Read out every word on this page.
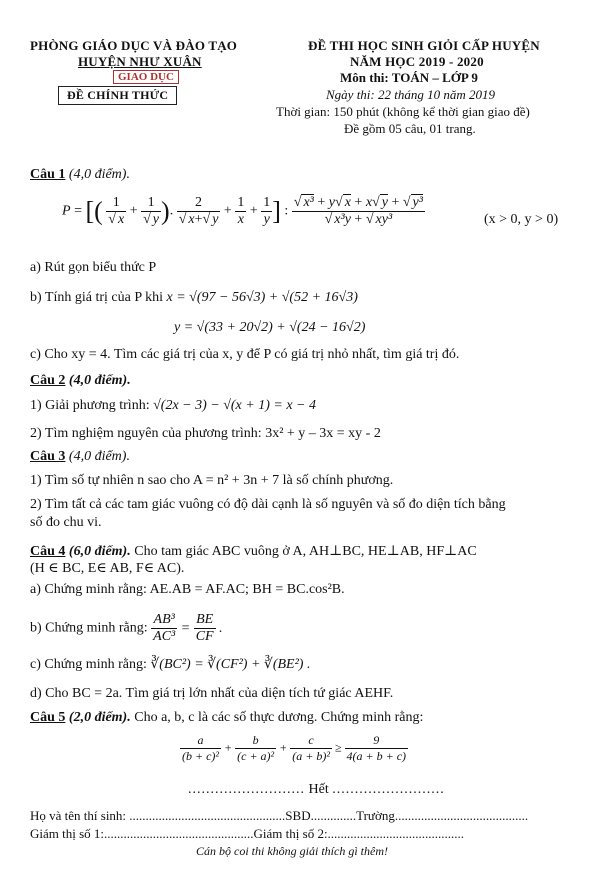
PHÒNG GIÁO DỤC VÀ ĐÀO TẠO
HUYỆN NHƯ XUÂN
GIAO DỤC
ĐỀ CHÍNH THỨC
ĐỀ THI HỌC SINH GIỎI CẤP HUYỆN
NĂM HỌC 2019 - 2020
Môn thi: TOÁN – LỚP 9
Ngày thi: 22 tháng 10 năm 2019
Thời gian: 150 phút (không kể thời gian giao đề)
Đề gồm 05 câu, 01 trang.
Câu 1 (4,0 điểm).
P = [( $\frac{1}{√ x} + \frac{1}{√ y}$ ). $\frac{2}{√ x+√ y} + \frac{1}{x} + \frac{1}{y}$ ] : $\frac{\text{√ x³ + y√ x + x√ y + √ y³}}{\text{√ x³y + √ xy³}}$	(x > 0, y > 0)
a) Rút gọn biểu thức P
b) Tính giá trị của P khi x = √(97 − 56√3) + √(52 + 16√3)
y = √(33 + 20√2) + √(24 − 16√2)
c) Cho xy = 4. Tìm các giá trị của x, y để P có giá trị nhỏ nhất, tìm giá trị đó.
Câu 2 (4,0 điểm).
1) Giải phương trình: √(2x − 3) − √(x + 1) = x − 4
2) Tìm nghiệm nguyên của phương trình: 3x² + y – 3x = xy - 2
Câu 3 (4,0 điểm).
1) Tìm số tự nhiên n sao cho A = n² + 3n + 7 là số chính phương.
2) Tìm tất cả các tam giác vuông có độ dài cạnh là số nguyên và số đo diện tích bằng
số đo chu vi.
Câu 4 (6,0 điểm). Cho tam giác ABC vuông ở A, AH⊥BC, HE⊥AB, HF⊥AC
(H ∈ BC, E∈ AB, F∈ AC).
a) Chứng minh rằng: AE.AB = AF.AC; BH = BC.cos²B.
b) Chứng minh rằng: $\frac{\text{AB³}}{\text{AC³}} = \frac{BE}{CF}$ .
c) Chứng minh rằng: ∛(BC²) = ∛(CF²) + ∛(BE²) .
d) Cho BC = 2a. Tìm giá trị lớn nhất của diện tích tứ giác AEHF.
Câu 5 (2,0 điểm). Cho a, b, c là các số thực dương. Chứng minh rằng:
$\frac{a}{\text{(b + c)²}} + \frac{b}{\text{(c + a)²}} + \frac{c}{\text{(a + b)²}} \ge \frac{9}{4(a + b + c)}$
.......................... Hết .........................
Họ và tên thí sinh: ................................................SBD..............Trường.........................................
Giám thị số 1:..............................................Giám thị số 2:..........................................
Cán bộ coi thi không giải thích gì thêm!
